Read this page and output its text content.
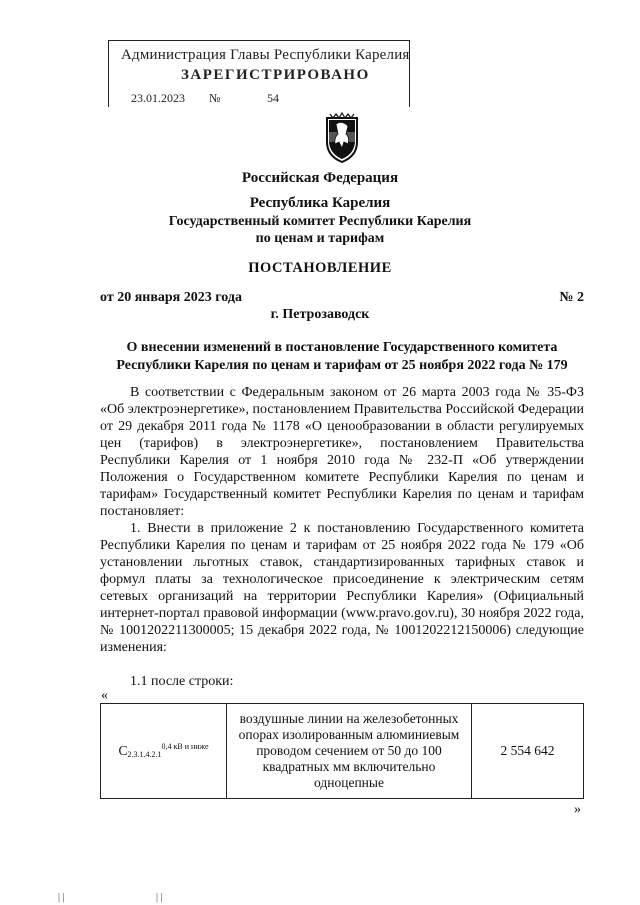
Администрация Главы Республики Карелия
ЗАРЕГИСТРИРОВАНО
23.01.2023 №	54
Российская Федерация
Республика Карелия
Государственный комитет Республики Карелия
по ценам и тарифам
ПОСТАНОВЛЕНИЕ
от 20 января 2023 года	№ 2
г. Петрозаводск
О внесении изменений в постановление Государственного комитета Республики Карелия по ценам и тарифам от 25 ноября 2022 года № 179

В соответствии с Федеральным законом от 26 марта 2003 года № 35-ФЗ «Об электроэнергетике», постановлением Правительства Российской Федерации от 29 декабря 2011 года № 1178 «О ценообразовании в области регулируемых цен (тарифов) в электроэнергетике», постановлением Правительства Республики Карелия от 1 ноября 2010 года № 232-П «Об утверждении Положения о Государственном комитете Республики Карелия по ценам и тарифам» Государственный комитет Республики Карелия по ценам и тарифам постановляет:

1. Внести в приложение 2 к постановлению Государственного комитета Республики Карелия по ценам и тарифам от 25 ноября 2022 года № 179 «Об установлении льготных ставок, стандартизированных тарифных ставок и формул платы за технологическое присоединение к электрическим сетям сетевых организаций на территории Республики Карелия» (Официальный интернет-портал правовой информации (www.pravo.gov.ru), 30 ноября 2022 года, № 1001202211300005; 15 декабря 2022 года, № 1001202212150006) следующие изменения:

1.1 после строки:
«
$C_{2.3.1.4.2.1}^{0,4 кВ и ниже}$	воздушные линии на железобетонных опорах изолированным алюминиевым проводом сечением от 50 до 100 квадратных мм включительно одноцепные	2 554 642
»
| |	| |
